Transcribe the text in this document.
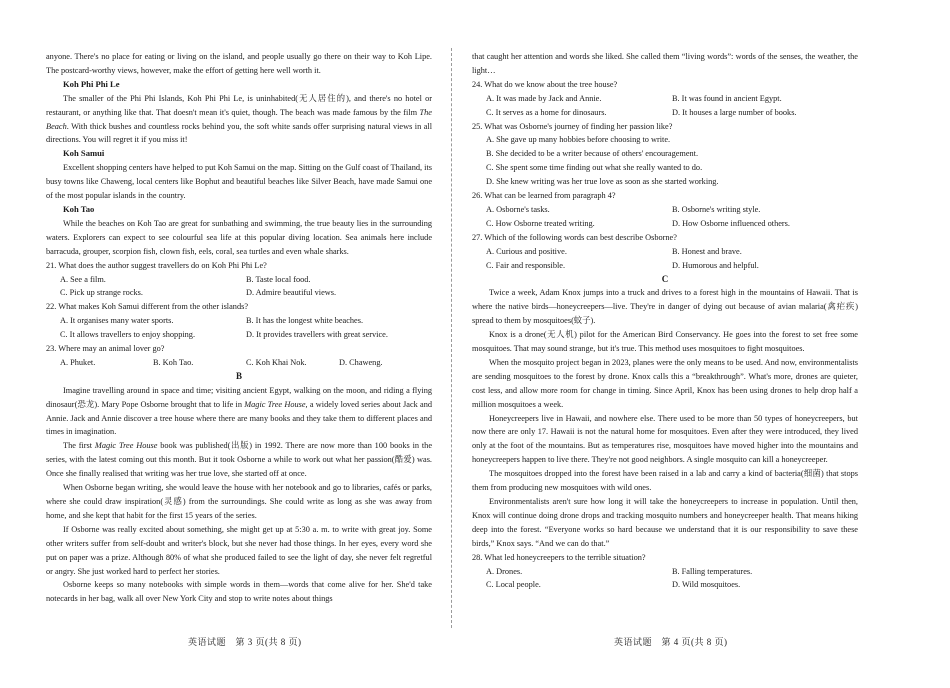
anyone. There's no place for eating or living on the island, and people usually go there on their way to Koh Lipe. The postcard-worthy views, however, make the effort of getting here well worth it.

Koh Phi Phi Le

The smaller of the Phi Phi Islands, Koh Phi Phi Le, is uninhabited(无人居住的), and there's no hotel or restaurant, or anything like that. That doesn't mean it's quiet, though. The beach was made famous by the film The Beach. With thick bushes and countless rocks behind you, the soft white sands offer surprising natural views in all directions. You will regret it if you miss it!

Koh Samui

Excellent shopping centers have helped to put Koh Samui on the map. Sitting on the Gulf coast of Thailand, its busy towns like Chaweng, local centers like Bophut and beautiful beaches like Silver Beach, have made Samui one of the most popular islands in the country.

Koh Tao

While the beaches on Koh Tao are great for sunbathing and swimming, the true beauty lies in the surrounding waters. Explorers can expect to see colourful sea life at this popular diving location. Sea animals here include barracuda, grouper, scorpion fish, clown fish, eels, coral, sea turtles and even whale sharks.

21. What does the author suggest travellers do on Koh Phi Phi Le?

A. See a film.	B. Taste local food.
C. Pick up strange rocks.	D. Admire beautiful views.

22. What makes Koh Samui different from the other islands?

A. It organises many water sports.	B. It has the longest white beaches.
C. It allows travellers to enjoy shopping.	D. It provides travellers with great service.

23. Where may an animal lover go?

A. Phuket.	B. Koh Tao.	C. Koh Khai Nok.	D. Chaweng.

B

Imagine travelling around in space and time; visiting ancient Egypt, walking on the moon, and riding a flying dinosaur(恐龙). Mary Pope Osborne brought that to life in Magic Tree House, a widely loved series about Jack and Annie. Jack and Annie discover a tree house where there are many books and they take them to different places and times in imagination.

The first Magic Tree House book was published(出版) in 1992. There are now more than 100 books in the series, with the latest coming out this month. But it took Osborne a while to work out what her passion(酷爱) was. Once she finally realised that writing was her true love, she started off at once.

When Osborne began writing, she would leave the house with her notebook and go to libraries, cafés or parks, where she could draw inspiration(灵感) from the surroundings. She could write as long as she was away from home, and she kept that habit for the first 15 years of the series.

If Osborne was really excited about something, she might get up at 5:30 a. m. to write with great joy. Some other writers suffer from self-doubt and writer's block, but she never had those things. In her eyes, every word she put on paper was a prize. Although 80% of what she produced failed to see the light of day, she never felt regretful or angry. She just worked hard to perfect her stories.

Osborne keeps so many notebooks with simple words in them—words that come alive for her. She'd take notecards in her bag, walk all over New York City and stop to write notes about things

that caught her attention and words she liked. She called them “living words”: words of the senses, the weather, the light…

24. What do we know about the tree house?

A. It was made by Jack and Annie.	B. It was found in ancient Egypt.
C. It serves as a home for dinosaurs.	D. It houses a large number of books.

25. What was Osborne's journey of finding her passion like?

A. She gave up many hobbies before choosing to write.
B. She decided to be a writer because of others' encouragement.
C. She spent some time finding out what she really wanted to do.
D. She knew writing was her true love as soon as she started working.

26. What can be learned from paragraph 4?

A. Osborne's tasks.	B. Osborne's writing style.
C. How Osborne treated writing.	D. How Osborne influenced others.

27. Which of the following words can best describe Osborne?

A. Curious and positive.	B. Honest and brave.
C. Fair and responsible.	D. Humorous and helpful.

C

Twice a week, Adam Knox jumps into a truck and drives to a forest high in the mountains of Hawaii. That is where the native birds—honeycreepers—live. They're in danger of dying out because of avian malaria(禽疟疾) spread to them by mosquitoes(蚊子).

Knox is a drone(无人机) pilot for the American Bird Conservancy. He goes into the forest to set free some mosquitoes. That may sound strange, but it's true. This method uses mosquitoes to fight mosquitoes.

When the mosquito project began in 2023, planes were the only means to be used. And now, environmentalists are sending mosquitoes to the forest by drone. Knox calls this a “breakthrough”. What's more, drones are quieter, cost less, and allow more room for change in timing. Since April, Knox has been using drones to help drop half a million mosquitoes a week.

Honeycreepers live in Hawaii, and nowhere else. There used to be more than 50 types of honeycreepers, but now there are only 17. Hawaii is not the natural home for mosquitoes. Even after they were introduced, they lived only at the foot of the mountains. But as temperatures rise, mosquitoes have moved higher into the mountains and honeycreepers happen to live there. They're not good neighbors. A single mosquito can kill a honeycreeper.

The mosquitoes dropped into the forest have been raised in a lab and carry a kind of bacteria(细菌) that stops them from producing new mosquitoes with wild ones.

Environmentalists aren't sure how long it will take the honeycreepers to increase in population. Until then, Knox will continue doing drone drops and tracking mosquito numbers and honeycreeper health. That means hiking deep into the forest. “Everyone works so hard because we understand that it is our responsibility to save these birds,” Knox says. “And we can do that.”

28. What led honeycreepers to the terrible situation?

A. Drones.	B. Falling temperatures.
C. Local people.	D. Wild mosquitoes.
英语试题　第 3 页(共 8 页)	英语试题　第 4 页(共 8 页)
